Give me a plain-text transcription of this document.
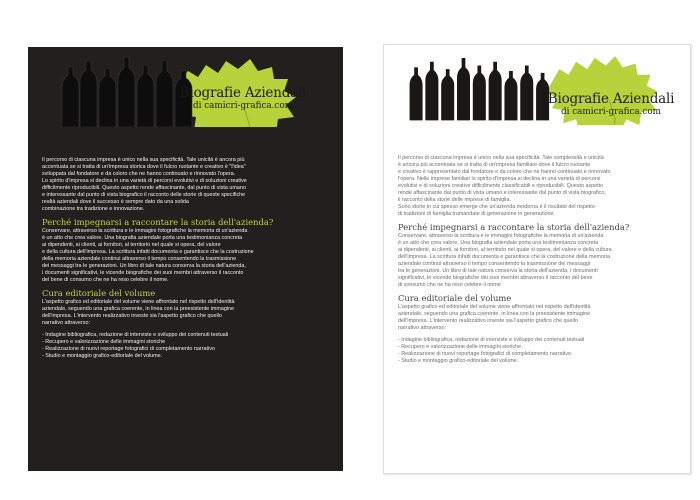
Biografie Aziendali
di camicri-grafica.com

Il percorso di ciascuna impresa è unico nella sua specificità. Tale unicità è ancora più
accentuata se si tratta di un'impresa storica dove il fulcro ruotante e creativo è "l'idea"
sviluppata dal fondatore e da coloro che ne hanno continuato e rinnovato l'opera.
Lo spirito d'impresa si declina in una varietà di percorsi evolutivi e di soluzioni creative
difficilmente riproducibili. Questo aspetto rende affascinante, dal punto di vista umano
e interessante dal punto di vista biografico il racconto delle storie di queste specifiche
realtà aziendali dove il successo è sempre dato da una solida
combinazione tra tradizione e innovazione.

Perché impegnarsi a raccontare la storia dell'azienda?

Conservare, attraverso la scrittura e le immagini fotografiche la memoria di un'azienda
è un atto che crea valore. Una biografia aziendale porta una testimonianza concreta
ai dipendenti, ai clienti, ai fornitori, al territorio nel quale si opera, del valore
e della cultura dell'impresa. La scrittura infatti documenta e garantisce che la costruzione
della memoria aziendale continui attraverso il tempo consentendo la trasmissione
dei messaggi tra le generazioni. Un libro di tale natura conserva la storia dell'azienda,
i documenti significativi, le vicende biografiche dei suoi membri attraverso il racconto
del bene di consumo che ne ha reso celebre il nome.

Cura editoriale del volume

L'aspetto grafico ed editoriale del volume viene affrontato nel rispetto dell'identità
aziendale, seguendo una grafica coerente, in linea con la preesistente immagine
dell'impresa. L'intervento realizzativo investe sia l'aspetto grafico che quello
narrativo attraverso:

- Indagine bibliografica, redazione di interviste e sviluppo dei contenuti testuali
- Recupero e valorizzazione delle immagini storiche
- Realizzazione di nuovi reportage fotografici di completamento narrativo
- Studio e montaggio grafico-editoriale del volume.
Biografie Aziendali
di camicri-grafica.com

Il percorso di ciascuna impresa è unico nella sua specificità. Tale complessità e unicità
è ancora più accentuata se si tratta di un'impresa familiare dove il fulcro ruotante
e creativo è rappresentato dal fondatore e da coloro che ne hanno continuato e rinnovato
l'opera. Nelle imprese familiari lo spirito d'impresa si declina in una varietà di percorsi
evolutivi e di soluzioni creative difficilmente classificabili e riproducibili. Questo aspetto
rende affascinante dal punto di vista umano e interessante dal punto di vista biografico,
il racconto della storie delle imprese di famiglia.
Sono storie in cui spesso emerge che un'azienda moderna è il risultato del rispetto
di tradizioni di famiglia tramandate di generazione in generazione.

Perché impegnarsi a raccontare la storia dell'azienda?

Conservare, attraverso la scrittura e le immagini fotografiche la memoria di un'azienda
è un atto che crea valore. Una biografia aziendale porta una testimonianza concreta
ai dipendenti, ai clienti, ai fornitori, al territorio nel quale si opera, del valore e della cultura
dell'impresa. La scrittura infatti documenta e garantisce che la costruzione della memoria
aziendale continui attraverso il tempo consentendo la trasmissione dei messaggi
tra le generazioni. Un libro di tale natura conserva la storia dell'azienda, i documenti
significativi, le vicende biografiche dei suoi membri attraverso il racconto del bene
di consumo che ne ha reso celebre il nome.

Cura editoriale del volume

L'aspetto grafico ed editoriale del volume viene affrontato nel rispetto dell'identità
aziendale, seguendo una grafica coerente, in linea con la preesistente immagine
dell'impresa. L'intervento realizzativo investe sia l'aspetto grafico che quello
narrativo attraverso:

- Indagine bibliografica, redazione di interviste e sviluppo dei contenuti testuali
- Recupero e valorizzazione delle immagini storiche
- Realizzazione di nuovi reportage fotografici di completamento narrativo
- Studio e montaggio grafico-editoriale del volume.
